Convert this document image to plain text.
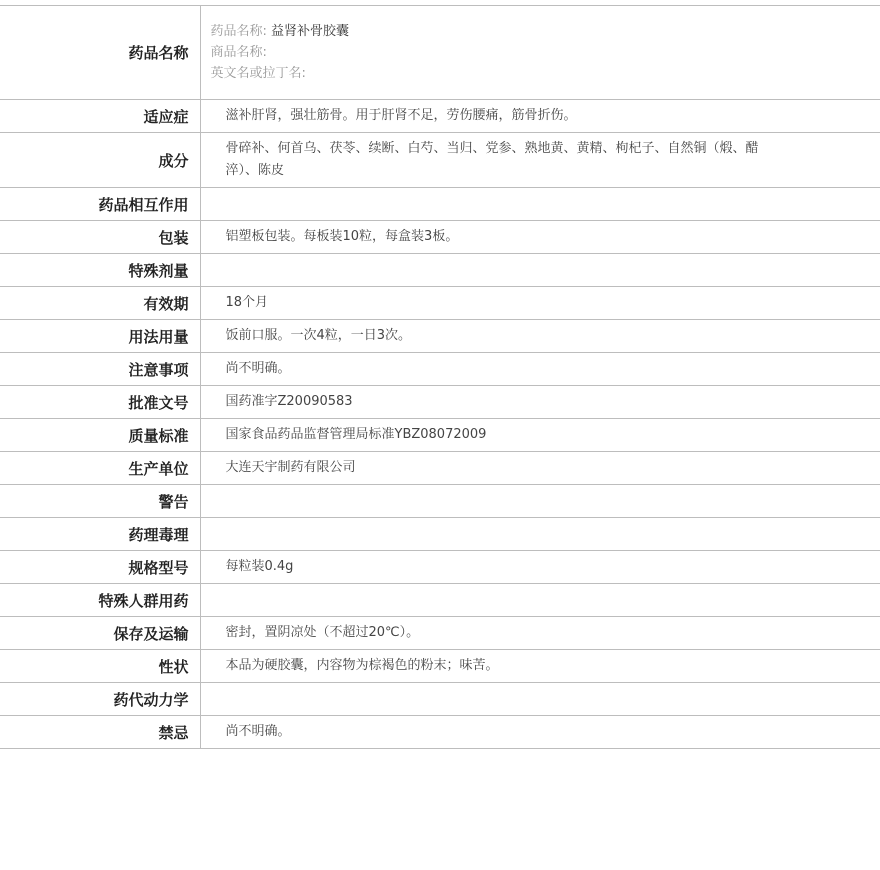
药品名称	药品名称: 益肾补骨胶囊
商品名称:
英文名或拉丁名:

适应症	滋补肝肾，强壮筋骨。用于肝肾不足，劳伤腰痛，筋骨折伤。
成分	骨碎补、何首乌、茯苓、续断、白芍、当归、党参、熟地黄、黄精、枸杞子、自然铜（煅、醋淬）、陈皮
药品相互作用	
包装	铝塑板包装。每板装10粒，每盒装3板。
特殊剂量	
有效期	18个月
用法用量	饭前口服。一次4粒，一日3次。
注意事项	尚不明确。
批准文号	国药准字Z20090583
质量标准	国家食品药品监督管理局标准YBZ08072009
生产单位	大连天宇制药有限公司
警告	
药理毒理	
规格型号	每粒装0.4g
特殊人群用药	
保存及运输	密封，置阴凉处（不超过20℃）。
性状	本品为硬胶囊，内容物为棕褐色的粉末；味苦。
药代动力学	
禁忌	尚不明确。
